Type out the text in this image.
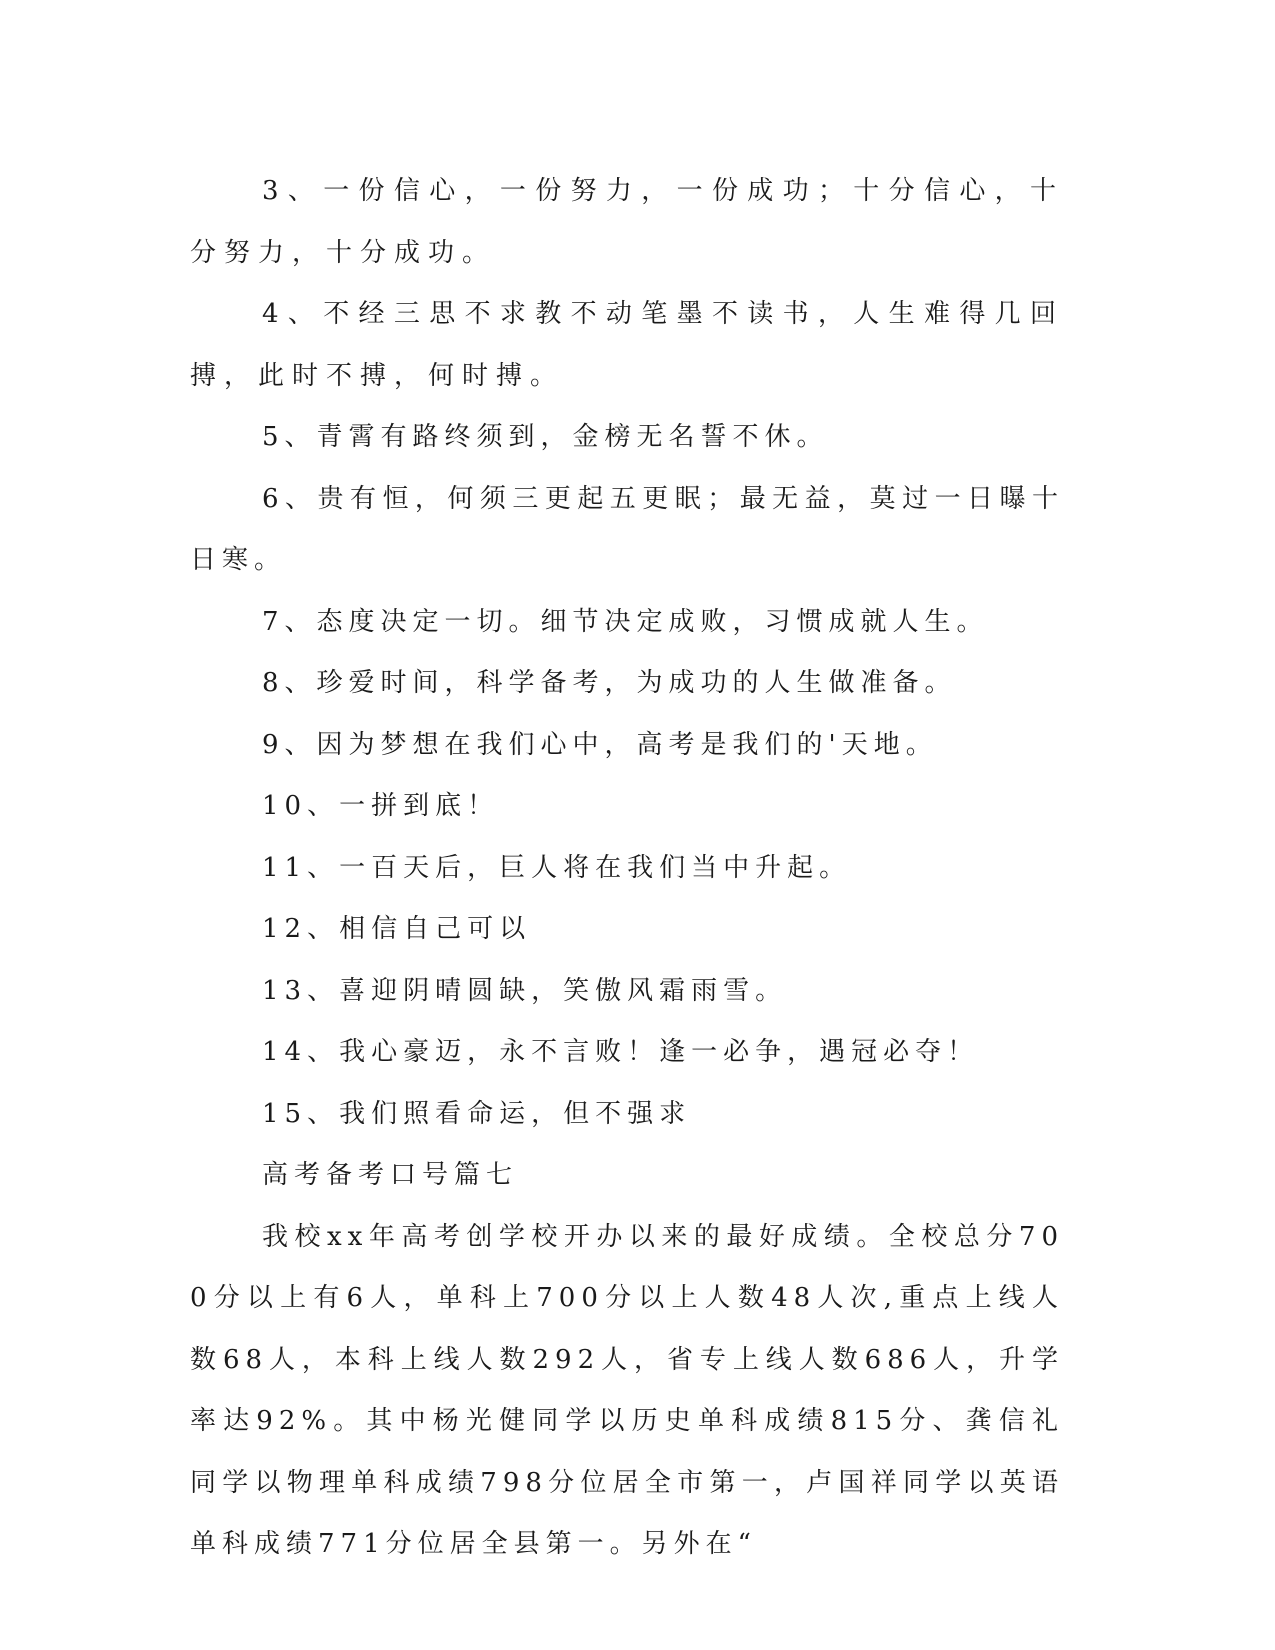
3、一份信心，一份努力，一份成功；十分信心，十分努力，十分成功。

4、不经三思不求教不动笔墨不读书，人生难得几回搏，此时不搏，何时搏。

5、青霄有路终须到，金榜无名誓不休。

6、贵有恒，何须三更起五更眠；最无益，莫过一日曝十日寒。

7、态度决定一切。细节决定成败，习惯成就人生。

8、珍爱时间，科学备考，为成功的人生做准备。

9、因为梦想在我们心中，高考是我们的'天地。

10、一拼到底！

11、一百天后，巨人将在我们当中升起。

12、相信自己可以

13、喜迎阴晴圆缺，笑傲风霜雨雪。

14、我心豪迈，永不言败！逢一必争，遇冠必夺！

15、我们照看命运，但不强求

高考备考口号篇七

我校xx年高考创学校开办以来的最好成绩。全校总分700分以上有6人，单科上700分以上人数48人次,重点上线人数68人，本科上线人数292人，省专上线人数686人，升学率达92%。其中杨光健同学以历史单科成绩815分、龚信礼同学以物理单科成绩798分位居全市第一，卢国祥同学以英语单科成绩771分位居全县第一。另外在“
